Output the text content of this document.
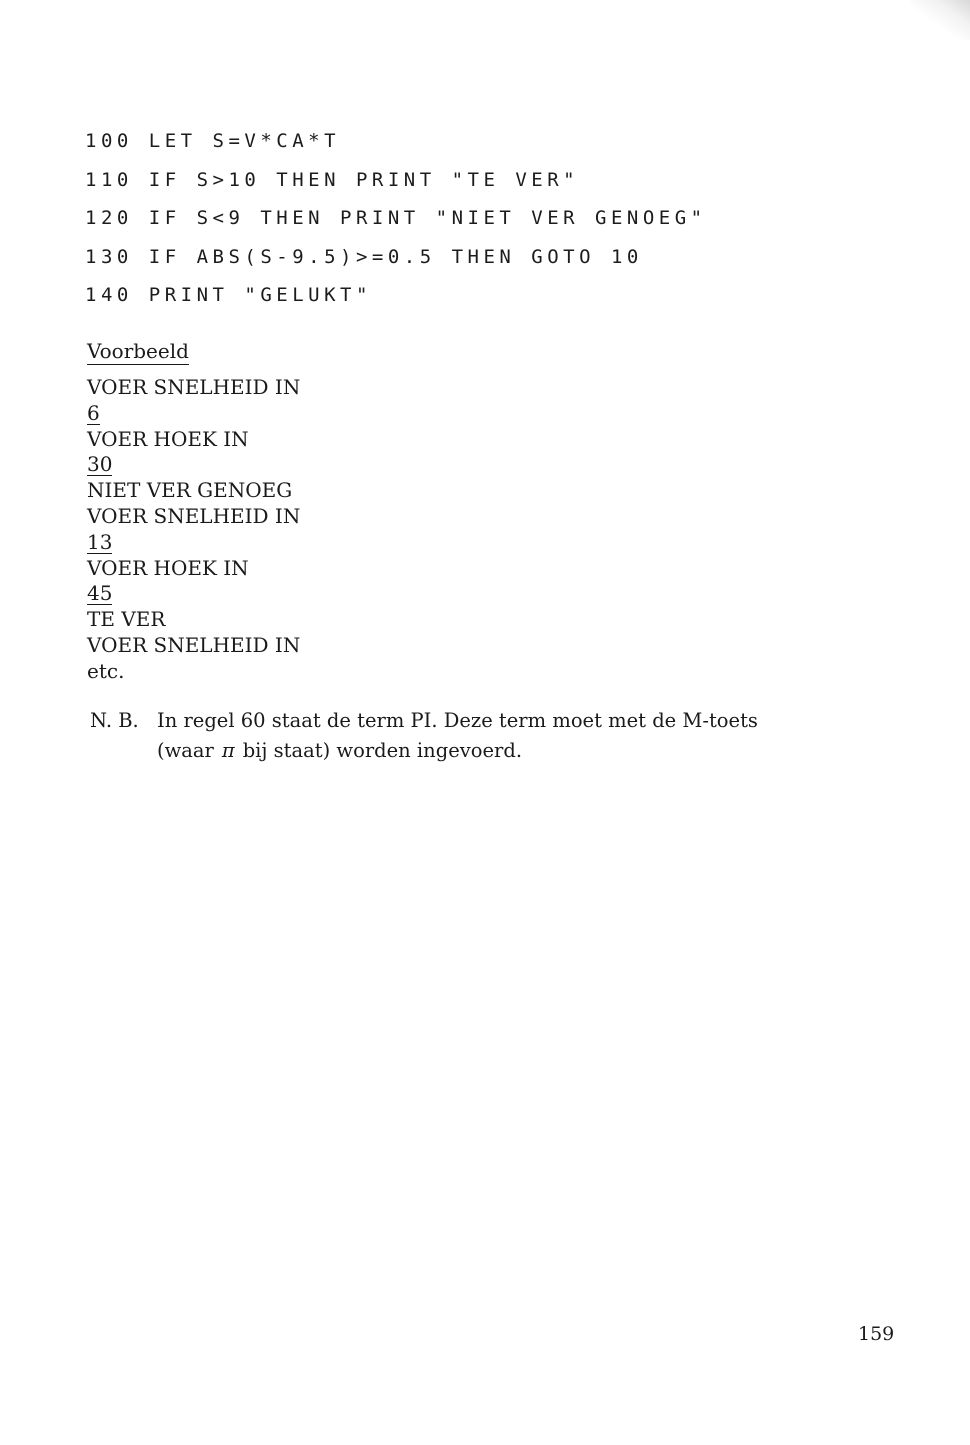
100 LET S=V*CA*T
110 IF S>10 THEN PRINT "TE VER"
120 IF S<9 THEN PRINT "NIET VER GENOEG"
130 IF ABS(S-9.5)>=0.5 THEN GOTO 10
140 PRINT "GELUKT"
Voorbeeld
VOER SNELHEID IN
6
VOER HOEK IN
30
NIET VER GENOEG
VOER SNELHEID IN
13
VOER HOEK IN
45
TE VER
VOER SNELHEID IN
etc.
N. B. In regel 60 staat de term PI. Deze term moet met de M-toets
(waar π bij staat) worden ingevoerd.
159
